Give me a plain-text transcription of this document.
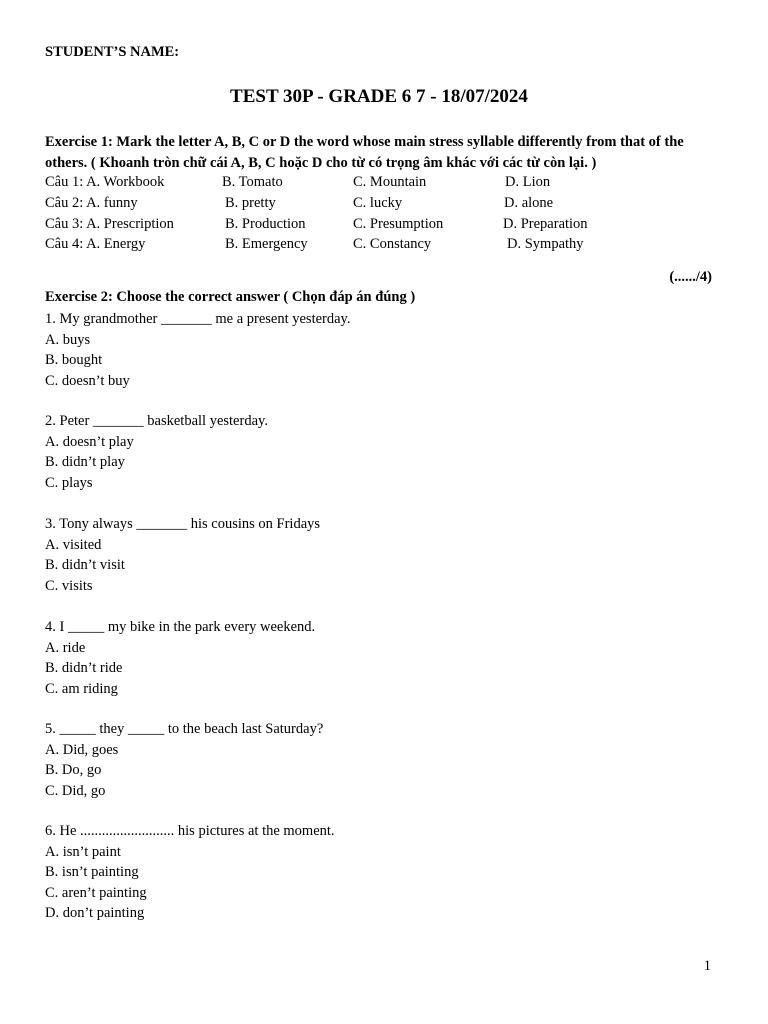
STUDENT’S NAME:
TEST 30P - GRADE 6 7 - 18/07/2024
Exercise 1: Mark the letter A, B, C or D the word whose main stress syllable differently from that of the others. ( Khoanh tròn chữ cái A, B, C hoặc D cho từ có trọng âm khác với các từ còn lại. )
Câu 1: A. Workbook	B. Tomato	C. Mountain	D. Lion
Câu 2: A. funny	B. pretty	C. lucky	D. alone
Câu 3: A. Prescription	B. Production	C. Presumption	D. Preparation
Câu 4: A. Energy	B. Emergency	C. Constancy	D. Sympathy
(....../4)
Exercise 2: Choose the correct answer ( Chọn đáp án đúng )
1. My grandmother _______ me a present yesterday.
A. buys
B. bought
C. doesn’t buy
2. Peter _______ basketball yesterday.
A. doesn’t play
B. didn’t play
C. plays
3. Tony always _______ his cousins on Fridays
A. visited
B. didn’t visit
C. visits
4. I _____ my bike in the park every weekend.
A. ride
B. didn’t ride
C. am riding
5. _____ they _____ to the beach last Saturday?
A. Did, goes
B. Do, go
C. Did, go
6. He .......................... his pictures at the moment.
A. isn’t paint
B. isn’t painting
C. aren’t painting
D. don’t painting
1
